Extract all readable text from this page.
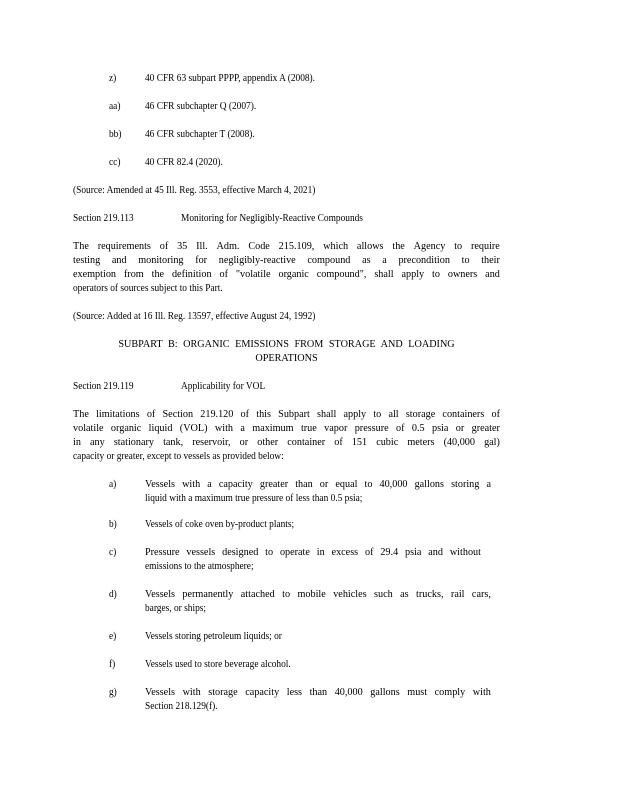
z)	40 CFR 63 subpart PPPP, appendix A (2008).
aa) 46 CFR subchapter Q (2007).
bb) 46 CFR subchapter T (2008).
cc) 40 CFR 82.4 (2020).
(Source: Amended at 45 Ill. Reg. 3553, effective March 4, 2021)
Section 219.113	Monitoring for Negligibly-Reactive Compounds
The requirements of 35 Ill. Adm. Code 215.109, which allows the Agency to require
testing and monitoring for negligibly-reactive compound as a precondition to their
exemption from the definition of "volatile organic compound", shall apply to owners and
operators of sources subject to this Part.
(Source: Added at 16 Ill. Reg. 13597, effective August 24, 1992)
SUBPART B: ORGANIC EMISSIONS FROM STORAGE AND LOADING
OPERATIONS
Section 219.119	Applicability for VOL
The limitations of Section 219.120 of this Subpart shall apply to all storage containers of
volatile organic liquid (VOL) with a maximum true vapor pressure of 0.5 psia or greater
in any stationary tank, reservoir, or other container of 151 cubic meters (40,000 gal)
capacity or greater, except to vessels as provided below:
a)	Vessels with a capacity greater than or equal to 40,000 gallons storing a
liquid with a maximum true pressure of less than 0.5 psia;
b)	Vessels of coke oven by-product plants;
c)	Pressure vessels designed to operate in excess of 29.4 psia and without
emissions to the atmosphere;
d)	Vessels permanently attached to mobile vehicles such as trucks, rail cars,
barges, or ships;
e)	Vessels storing petroleum liquids; or
f)	Vessels used to store beverage alcohol.
g)	Vessels with storage capacity less than 40,000 gallons must comply with
Section 218.129(f).
